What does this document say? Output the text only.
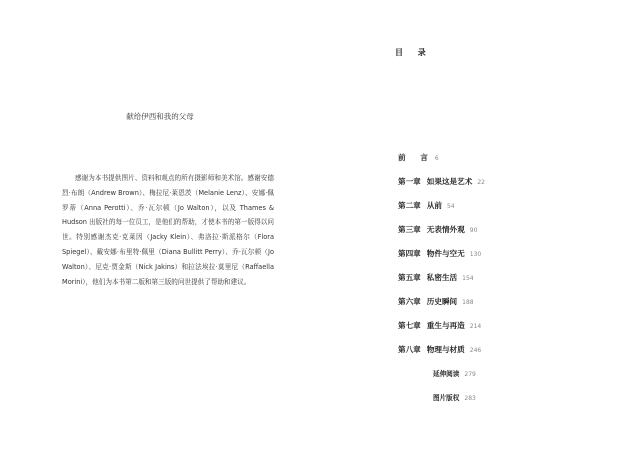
献给伊西和我的父母
感谢为本书提供图片、资料和观点的所有摄影师和美术馆。感谢安德烈·布朗（Andrew Brown）、梅拉尼·莱恩茨（Melanie Lenz）、安娜·佩罗蒂（Anna Perotti）、乔·瓦尔顿（Jo Walton），以及 Thames & Hudson 出版社的每一位员工，是他们的帮助，才使本书的第一版得以问世。特别感谢杰克·克莱因（Jacky Klein）、弗洛拉·斯派格尔（Flora Spiegel）、戴安娜·布里特·佩里（Diana Bullitt Perry）、乔·瓦尔顿（Jo Walton）、尼克·贾金斯（Nick Jakins）和拉法埃拉·莫里尼（Raffaella Morini），他们为本书第二版和第三版的问世提供了帮助和建议。
目 录
前 言6
第一章 如果这是艺术 22
第二章 从前 54
第三章 无表情外观 90
第四章 物件与空无 130
第五章 私密生活 154
第六章 历史瞬间 188
第七章 重生与再造 214
第八章 物理与材质 246
延伸阅读 279
图片版权 283
